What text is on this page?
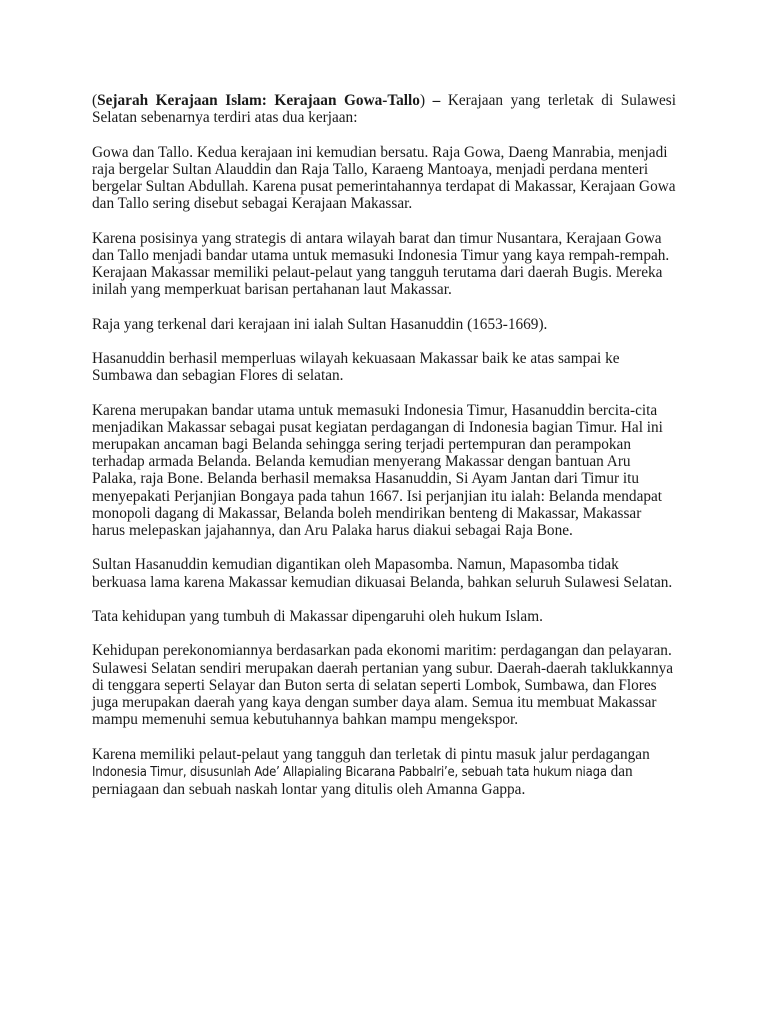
(Sejarah Kerajaan Islam: Kerajaan Gowa-Tallo) – Kerajaan yang terletak di Sulawesi Selatan sebenarnya terdiri atas dua kerjaan:

Gowa dan Tallo. Kedua kerajaan ini kemudian bersatu. Raja Gowa, Daeng Manrabia, menjadi raja bergelar Sultan Alauddin dan Raja Tallo, Karaeng Mantoaya, menjadi perdana menteri bergelar Sultan Abdullah. Karena pusat pemerintahannya terdapat di Makassar, Kerajaan Gowa dan Tallo sering disebut sebagai Kerajaan Makassar.

Karena posisinya yang strategis di antara wilayah barat dan timur Nusantara, Kerajaan Gowa dan Tallo menjadi bandar utama untuk memasuki Indonesia Timur yang kaya rempah-rempah. Kerajaan Makassar memiliki pelaut-pelaut yang tangguh terutama dari daerah Bugis. Mereka inilah yang memperkuat barisan pertahanan laut Makassar.

Raja yang terkenal dari kerajaan ini ialah Sultan Hasanuddin (1653-1669).

Hasanuddin berhasil memperluas wilayah kekuasaan Makassar baik ke atas sampai ke Sumbawa dan sebagian Flores di selatan.

Karena merupakan bandar utama untuk memasuki Indonesia Timur, Hasanuddin bercita-cita menjadikan Makassar sebagai pusat kegiatan perdagangan di Indonesia bagian Timur. Hal ini merupakan ancaman bagi Belanda sehingga sering terjadi pertempuran dan perampokan terhadap armada Belanda. Belanda kemudian menyerang Makassar dengan bantuan Aru Palaka, raja Bone. Belanda berhasil memaksa Hasanuddin, Si Ayam Jantan dari Timur itu menyepakati Perjanjian Bongaya pada tahun 1667. Isi perjanjian itu ialah: Belanda mendapat monopoli dagang di Makassar, Belanda boleh mendirikan benteng di Makassar, Makassar harus melepaskan jajahannya, dan Aru Palaka harus diakui sebagai Raja Bone.

Sultan Hasanuddin kemudian digantikan oleh Mapasomba. Namun, Mapasomba tidak berkuasa lama karena Makassar kemudian dikuasai Belanda, bahkan seluruh Sulawesi Selatan.

Tata kehidupan yang tumbuh di Makassar dipengaruhi oleh hukum Islam.

Kehidupan perekonomiannya berdasarkan pada ekonomi maritim: perdagangan dan pelayaran. Sulawesi Selatan sendiri merupakan daerah pertanian yang subur. Daerah-daerah taklukkannya di tenggara seperti Selayar dan Buton serta di selatan seperti Lombok, Sumbawa, dan Flores juga merupakan daerah yang kaya dengan sumber daya alam. Semua itu membuat Makassar mampu memenuhi semua kebutuhannya bahkan mampu mengekspor.

Karena memiliki pelaut-pelaut yang tangguh dan terletak di pintu masuk jalur perdagangan Indonesia Timur, disusunlah Ade’ Allapialing Bicarana Pabbalri’e, sebuah tata hukum niaga dan perniagaan dan sebuah naskah lontar yang ditulis oleh Amanna Gappa.
